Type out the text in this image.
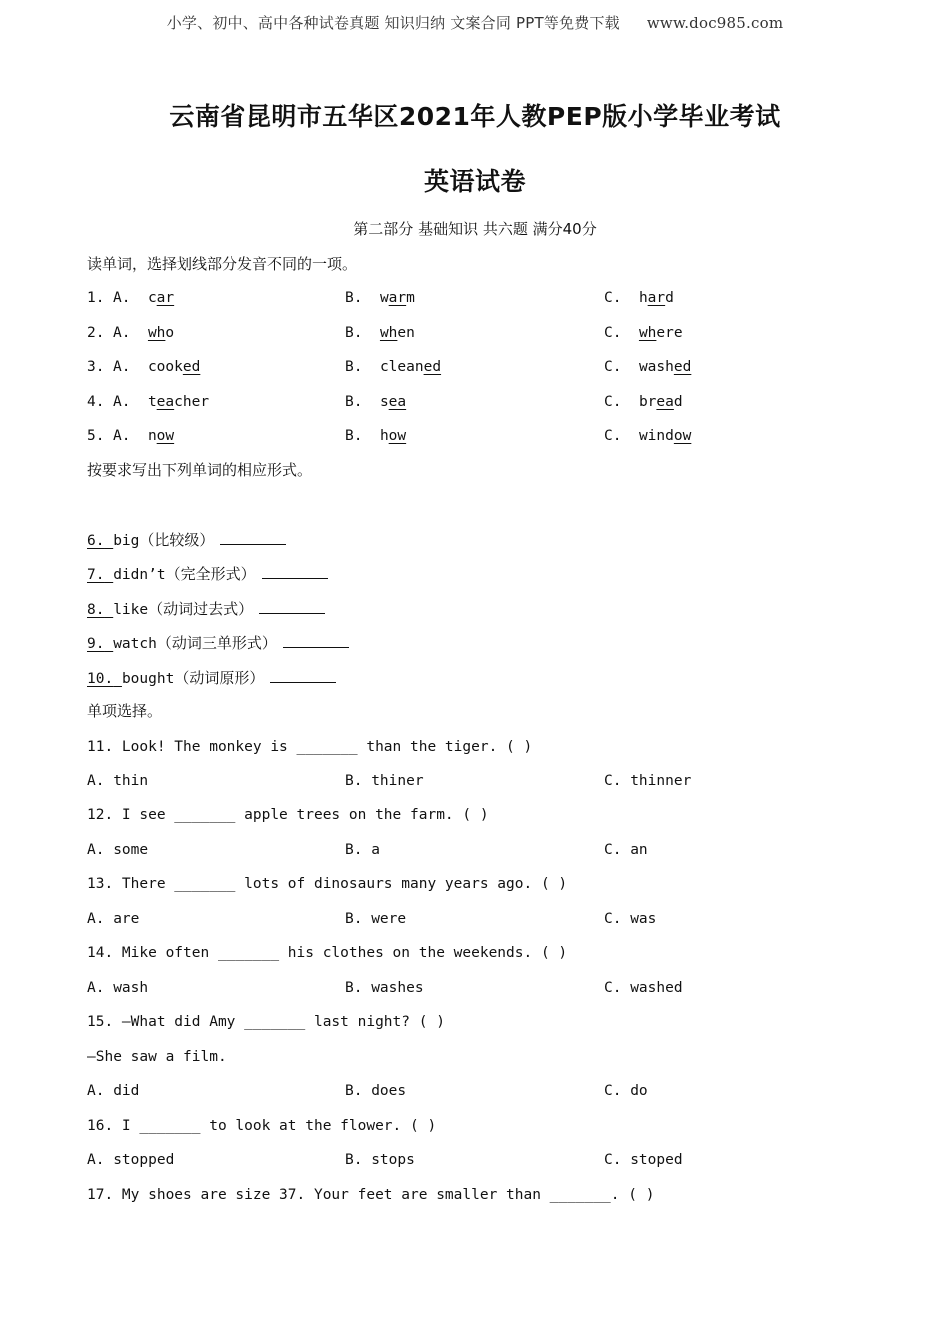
小学、初中、高中各种试卷真题 知识归纳 文案合同 PPT等免费下载 www.doc985.com
云南省昆明市五华区2021年人教PEP版小学毕业考试
英语试卷
第二部分 基础知识 共六题 满分40分
读单词，选择划线部分发音不同的一项。
1. A. car	B. warm	C. hard
2. A. who	B. when	C. where
3. A. cooked	B. cleaned	C. washed
4. A. teacher	B. sea	C. bread
5. A. now	B. how	C. window
按要求写出下列单词的相应形式。
6. big（比较级）
7. didn’t（完全形式）
8. like（动词过去式）
9. watch（动词三单形式）
10. bought（动词原形）
单项选择。
11. Look! The monkey is _______ than the tiger. ( )
A. thin	B. thiner	C. thinner
12. I see _______ apple trees on the farm. ( )
A. some	B. a	C. an
13. There _______ lots of dinosaurs many years ago. ( )
A. are	B. were	C. was
14. Mike often _______ his clothes on the weekends. ( )
A. wash	B. washes	C. washed
15. —What did Amy _______ last night? ( )
—She saw a film.
A. did	B. does	C. do
16. I _______ to look at the flower. ( )
A. stopped	B. stops	C. stoped
17. My shoes are size 37. Your feet are smaller than _______. ( )
